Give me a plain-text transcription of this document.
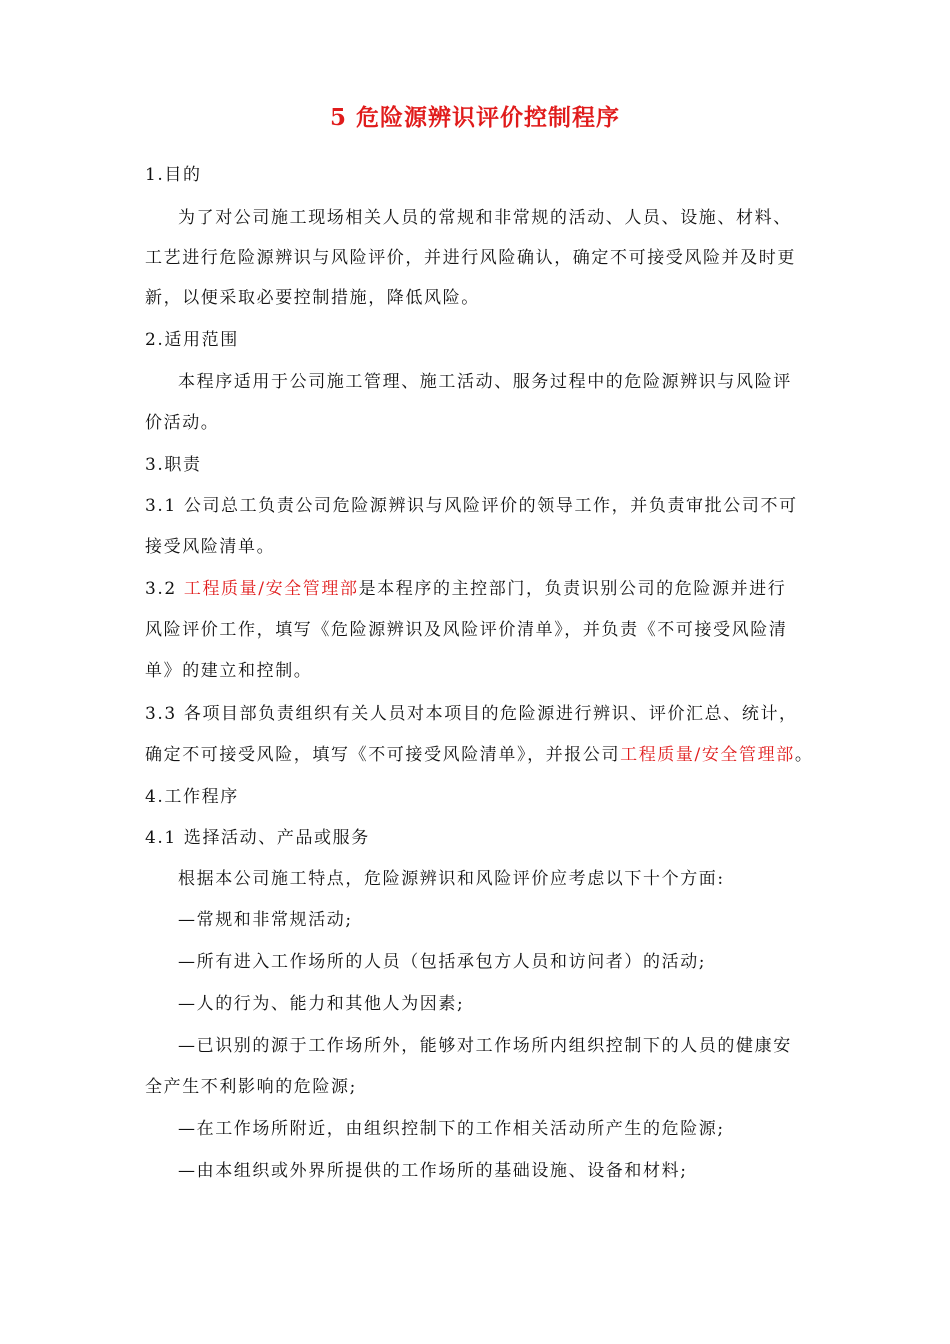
5 危险源辨识评价控制程序
1.目的
为了对公司施工现场相关人员的常规和非常规的活动、人员、设施、材料、
工艺进行危险源辨识与风险评价，并进行风险确认，确定不可接受风险并及时更
新，以便采取必要控制措施，降低风险。
2.适用范围
本程序适用于公司施工管理、施工活动、服务过程中的危险源辨识与风险评
价活动。
3.职责
3.1 公司总工负责公司危险源辨识与风险评价的领导工作，并负责审批公司不可
接受风险清单。
3.2 工程质量/安全管理部是本程序的主控部门，负责识别公司的危险源并进行
风险评价工作，填写《危险源辨识及风险评价清单》，并负责《不可接受风险清
单》的建立和控制。
3.3 各项目部负责组织有关人员对本项目的危险源进行辨识、评价汇总、统计，
确定不可接受风险，填写《不可接受风险清单》，并报公司工程质量/安全管理部。
4.工作程序
4.1 选择活动、产品或服务
根据本公司施工特点，危险源辨识和风险评价应考虑以下十个方面:
—常规和非常规活动;
—所有进入工作场所的人员（包括承包方人员和访问者）的活动;
—人的行为、能力和其他人为因素;
—已识别的源于工作场所外，能够对工作场所内组织控制下的人员的健康安
全产生不利影响的危险源;
—在工作场所附近，由组织控制下的工作相关活动所产生的危险源;
—由本组织或外界所提供的工作场所的基础设施、设备和材料;
